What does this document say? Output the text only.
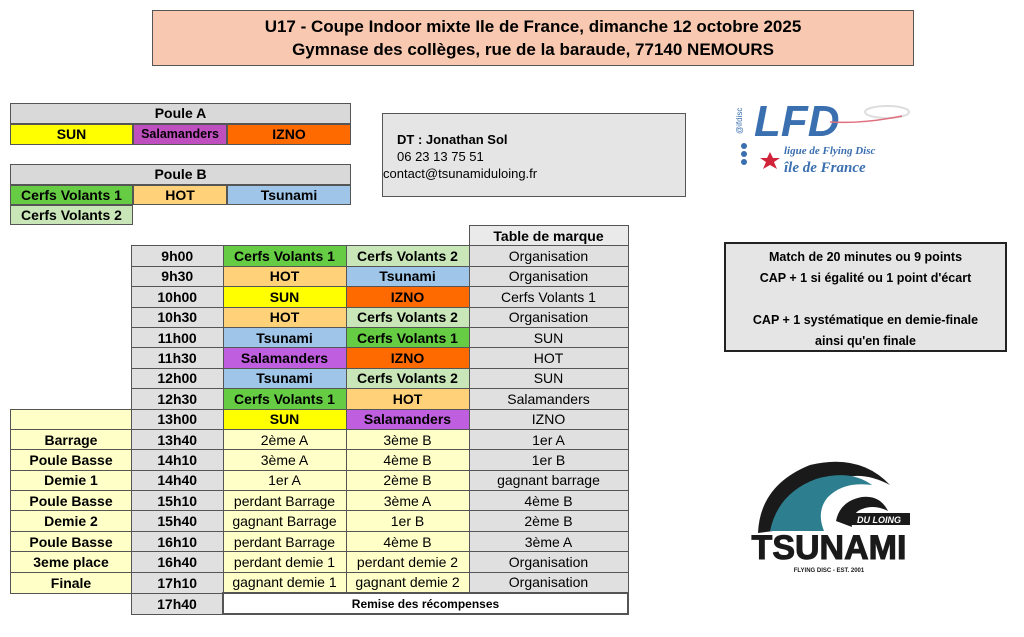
U17 - Coupe Indoor mixte Ile de France, dimanche 12 octobre 2025
Gymnase des collèges, rue de la baraude, 77140 NEMOURS
Poule A
SUN	Salamanders	IZNO
Poule B
Cerfs Volants 1	HOT	Tsunami
Cerfs Volants 2
DT : Jonathan Sol
06 23 13 75 51
contact@tsunamiduloing.fr
@ifdisc LFD
ligue de Flying Disc
île de France
Match de 20 minutes ou 9 points
CAP + 1 si égalité ou 1 point d'écart
CAP + 1 systématique en demie-finale
ainsi qu'en finale
DU LOING
TSUNAMI
FLYING DISC - EST. 2001
				Table de marque
	9h00	Cerfs Volants 1	Cerfs Volants 2	Organisation
	9h30	HOT	Tsunami	Organisation
	10h00	SUN	IZNO	Cerfs Volants 1
	10h30	HOT	Cerfs Volants 2	Organisation
	11h00	Tsunami	Cerfs Volants 1	SUN
	11h30	Salamanders	IZNO	HOT
	12h00	Tsunami	Cerfs Volants 2	SUN
	12h30	Cerfs Volants 1	HOT	Salamanders
	13h00	SUN	Salamanders	IZNO
Barrage	13h40	2ème A	3ème B	1er A
Poule Basse	14h10	3ème A	4ème B	1er B
Demie 1	14h40	1er A	2ème B	gagnant barrage
Poule Basse	15h10	perdant Barrage	3ème A	4ème B
Demie 2	15h40	gagnant Barrage	1er B	2ème B
Poule Basse	16h10	perdant Barrage	4ème B	3ème A
3eme place	16h40	perdant demie 1	perdant demie 2	Organisation
Finale	17h10	gagnant demie 1	gagnant demie 2	Organisation
	17h40	Remise des récompenses		
